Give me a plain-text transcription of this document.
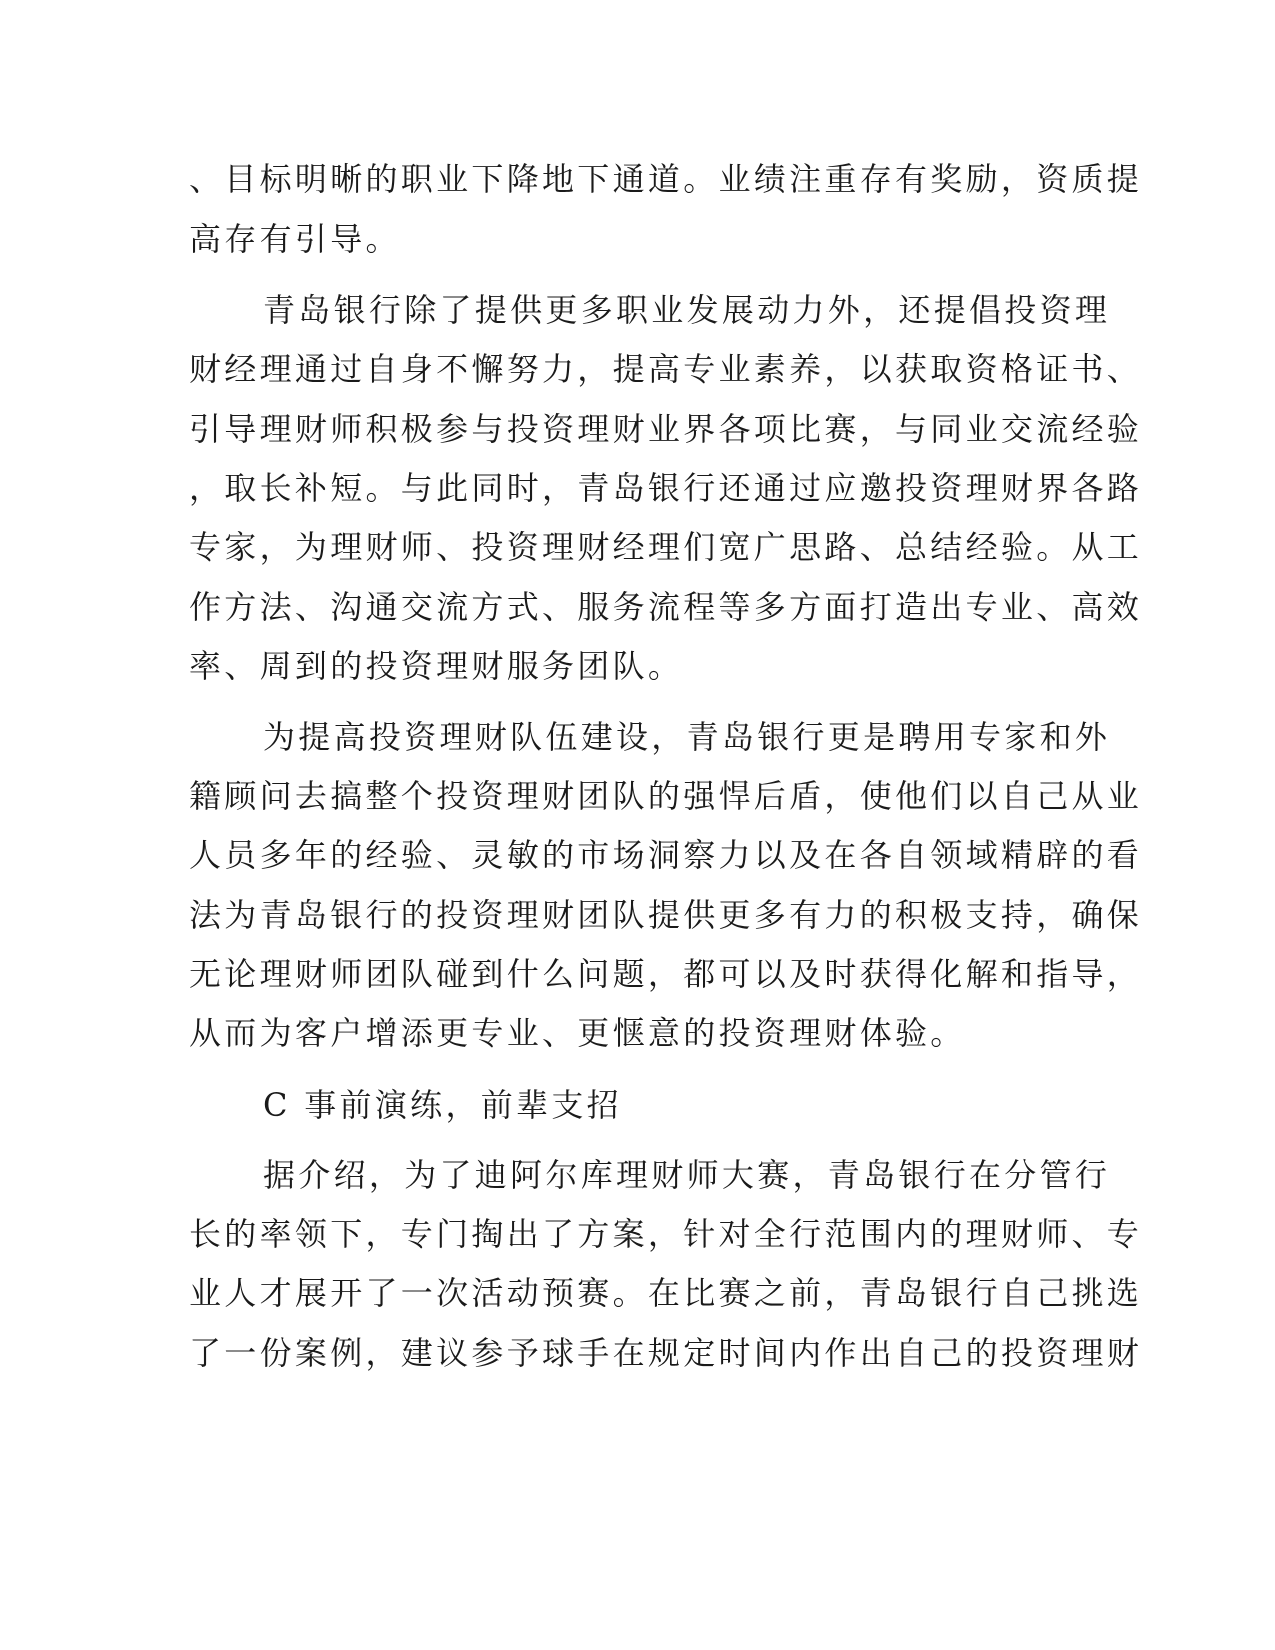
、目标明晰的职业下降地下通道。业绩注重存有奖励，资质提
高存有引导。
青岛银行除了提供更多职业发展动力外，还提倡投资理
财经理通过自身不懈努力，提高专业素养，以获取资格证书、
引导理财师积极参与投资理财业界各项比赛，与同业交流经验
，取长补短。与此同时，青岛银行还通过应邀投资理财界各路
专家，为理财师、投资理财经理们宽广思路、总结经验。从工
作方法、沟通交流方式、服务流程等多方面打造出专业、高效
率、周到的投资理财服务团队。
为提高投资理财队伍建设，青岛银行更是聘用专家和外
籍顾问去搞整个投资理财团队的强悍后盾，使他们以自己从业
人员多年的经验、灵敏的市场洞察力以及在各自领域精辟的看
法为青岛银行的投资理财团队提供更多有力的积极支持，确保
无论理财师团队碰到什么问题，都可以及时获得化解和指导，
从而为客户增添更专业、更惬意的投资理财体验。
C 事前演练，前辈支招
据介绍，为了迪阿尔库理财师大赛，青岛银行在分管行
长的率领下，专门掏出了方案，针对全行范围内的理财师、专
业人才展开了一次活动预赛。在比赛之前，青岛银行自己挑选
了一份案例，建议参予球手在规定时间内作出自己的投资理财
